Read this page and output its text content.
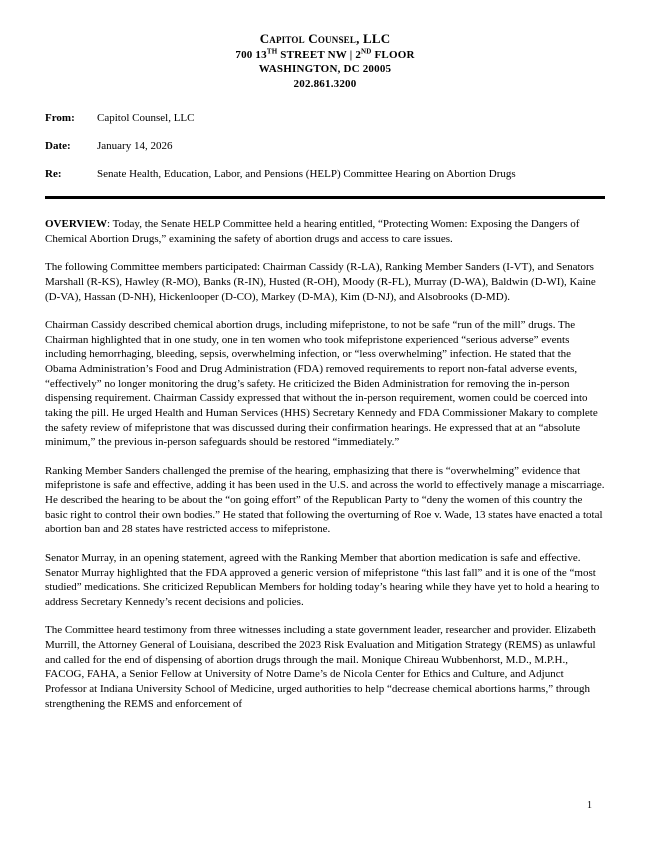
Capitol Counsel, LLC
700 13TH STREET NW | 2ND FLOOR
WASHINGTON, DC 20005
202.861.3200
From:	Capitol Counsel, LLC
Date:	January 14, 2026
Re:	Senate Health, Education, Labor, and Pensions (HELP) Committee Hearing on Abortion Drugs

OVERVIEW: Today, the Senate HELP Committee held a hearing entitled, “Protecting Women: Exposing the Dangers of Chemical Abortion Drugs,” examining the safety of abortion drugs and access to care issues.

The following Committee members participated: Chairman Cassidy (R-LA), Ranking Member Sanders (I-VT), and Senators Marshall (R-KS), Hawley (R-MO), Banks (R-IN), Husted (R-OH), Moody (R-FL), Murray (D-WA), Baldwin (D-WI), Kaine (D-VA), Hassan (D-NH), Hickenlooper (D-CO), Markey (D-MA), Kim (D-NJ), and Alsobrooks (D-MD).

Chairman Cassidy described chemical abortion drugs, including mifepristone, to not be safe “run of the mill” drugs. The Chairman highlighted that in one study, one in ten women who took mifepristone experienced “serious adverse” events including hemorrhaging, bleeding, sepsis, overwhelming infection, or “less overwhelming” infection. He stated that the Obama Administration’s Food and Drug Administration (FDA) removed requirements to report non-fatal adverse events, “effectively” no longer monitoring the drug’s safety. He criticized the Biden Administration for removing the in-person dispensing requirement. Chairman Cassidy expressed that without the in-person requirement, women could be coerced into taking the pill. He urged Health and Human Services (HHS) Secretary Kennedy and FDA Commissioner Makary to complete the safety review of mifepristone that was discussed during their confirmation hearings. He expressed that at an “absolute minimum,” the previous in-person safeguards should be restored “immediately.”

Ranking Member Sanders challenged the premise of the hearing, emphasizing that there is “overwhelming” evidence that mifepristone is safe and effective, adding it has been used in the U.S. and across the world to effectively manage a miscarriage. He described the hearing to be about the “on going effort” of the Republican Party to “deny the women of this country the basic right to control their own bodies.” He stated that following the overturning of Roe v. Wade, 13 states have enacted a total abortion ban and 28 states have restricted access to mifepristone.

Senator Murray, in an opening statement, agreed with the Ranking Member that abortion medication is safe and effective. Senator Murray highlighted that the FDA approved a generic version of mifepristone “this last fall” and it is one of the “most studied” medications. She criticized Republican Members for holding today’s hearing while they have yet to hold a hearing to address Secretary Kennedy’s recent decisions and policies.

The Committee heard testimony from three witnesses including a state government leader, researcher and provider. Elizabeth Murrill, the Attorney General of Louisiana, described the 2023 Risk Evaluation and Mitigation Strategy (REMS) as unlawful and called for the end of dispensing of abortion drugs through the mail. Monique Chireau Wubbenhorst, M.D., M.P.H., FACOG, FAHA, a Senior Fellow at University of Notre Dame’s de Nicola Center for Ethics and Culture, and Adjunct Professor at Indiana University School of Medicine, urged authorities to help “decrease chemical abortions harms,” through strengthening the REMS and enforcement of

1
